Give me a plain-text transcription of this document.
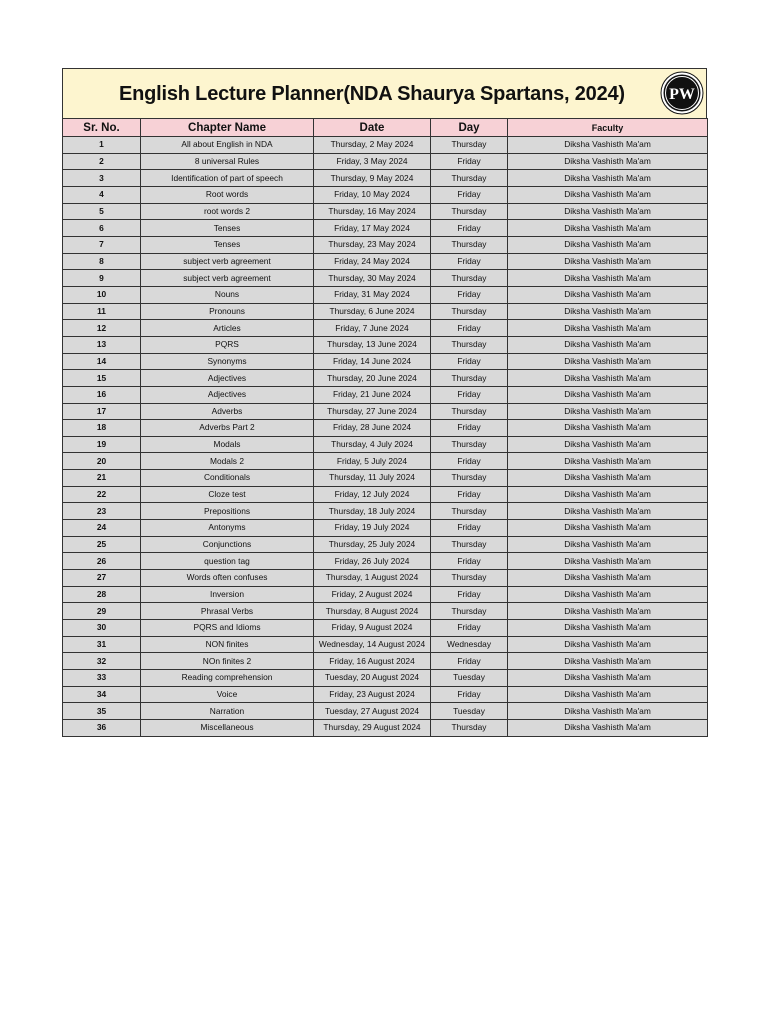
English Lecture Planner(NDA Shaurya Spartans, 2024)	PW
Sr. No.	Chapter Name	Date	Day	Faculty
1	All about English in NDA	Thursday, 2 May 2024	Thursday	Diksha Vashisth Ma'am
2	8 universal Rules	Friday, 3 May 2024	Friday	Diksha Vashisth Ma'am
3	Identification of part of speech	Thursday, 9 May 2024	Thursday	Diksha Vashisth Ma'am
4	Root words	Friday, 10 May 2024	Friday	Diksha Vashisth Ma'am
5	root words 2	Thursday, 16 May 2024	Thursday	Diksha Vashisth Ma'am
6	Tenses	Friday, 17 May 2024	Friday	Diksha Vashisth Ma'am
7	Tenses	Thursday, 23 May 2024	Thursday	Diksha Vashisth Ma'am
8	subject verb agreement	Friday, 24 May 2024	Friday	Diksha Vashisth Ma'am
9	subject verb agreement	Thursday, 30 May 2024	Thursday	Diksha Vashisth Ma'am
10	Nouns	Friday, 31 May 2024	Friday	Diksha Vashisth Ma'am
11	Pronouns	Thursday, 6 June 2024	Thursday	Diksha Vashisth Ma'am
12	Articles	Friday, 7 June 2024	Friday	Diksha Vashisth Ma'am
13	PQRS	Thursday, 13 June 2024	Thursday	Diksha Vashisth Ma'am
14	Synonyms	Friday, 14 June 2024	Friday	Diksha Vashisth Ma'am
15	Adjectives	Thursday, 20 June 2024	Thursday	Diksha Vashisth Ma'am
16	Adjectives	Friday, 21 June 2024	Friday	Diksha Vashisth Ma'am
17	Adverbs	Thursday, 27 June 2024	Thursday	Diksha Vashisth Ma'am
18	Adverbs Part 2	Friday, 28 June 2024	Friday	Diksha Vashisth Ma'am
19	Modals	Thursday, 4 July 2024	Thursday	Diksha Vashisth Ma'am
20	Modals 2	Friday, 5 July 2024	Friday	Diksha Vashisth Ma'am
21	Conditionals	Thursday, 11 July 2024	Thursday	Diksha Vashisth Ma'am
22	Cloze test	Friday, 12 July 2024	Friday	Diksha Vashisth Ma'am
23	Prepositions	Thursday, 18 July 2024	Thursday	Diksha Vashisth Ma'am
24	Antonyms	Friday, 19 July 2024	Friday	Diksha Vashisth Ma'am
25	Conjunctions	Thursday, 25 July 2024	Thursday	Diksha Vashisth Ma'am
26	question tag	Friday, 26 July 2024	Friday	Diksha Vashisth Ma'am
27	Words often confuses	Thursday, 1 August 2024	Thursday	Diksha Vashisth Ma'am
28	Inversion	Friday, 2 August 2024	Friday	Diksha Vashisth Ma'am
29	Phrasal Verbs	Thursday, 8 August 2024	Thursday	Diksha Vashisth Ma'am
30	PQRS and Idioms	Friday, 9 August 2024	Friday	Diksha Vashisth Ma'am
31	NON finites	Wednesday, 14 August 2024	Wednesday	Diksha Vashisth Ma'am
32	NOn finites 2	Friday, 16 August 2024	Friday	Diksha Vashisth Ma'am
33	Reading comprehension	Tuesday, 20 August 2024	Tuesday	Diksha Vashisth Ma'am
34	Voice	Friday, 23 August 2024	Friday	Diksha Vashisth Ma'am
35	Narration	Tuesday, 27 August 2024	Tuesday	Diksha Vashisth Ma'am
36	Miscellaneous	Thursday, 29 August 2024	Thursday	Diksha Vashisth Ma'am
